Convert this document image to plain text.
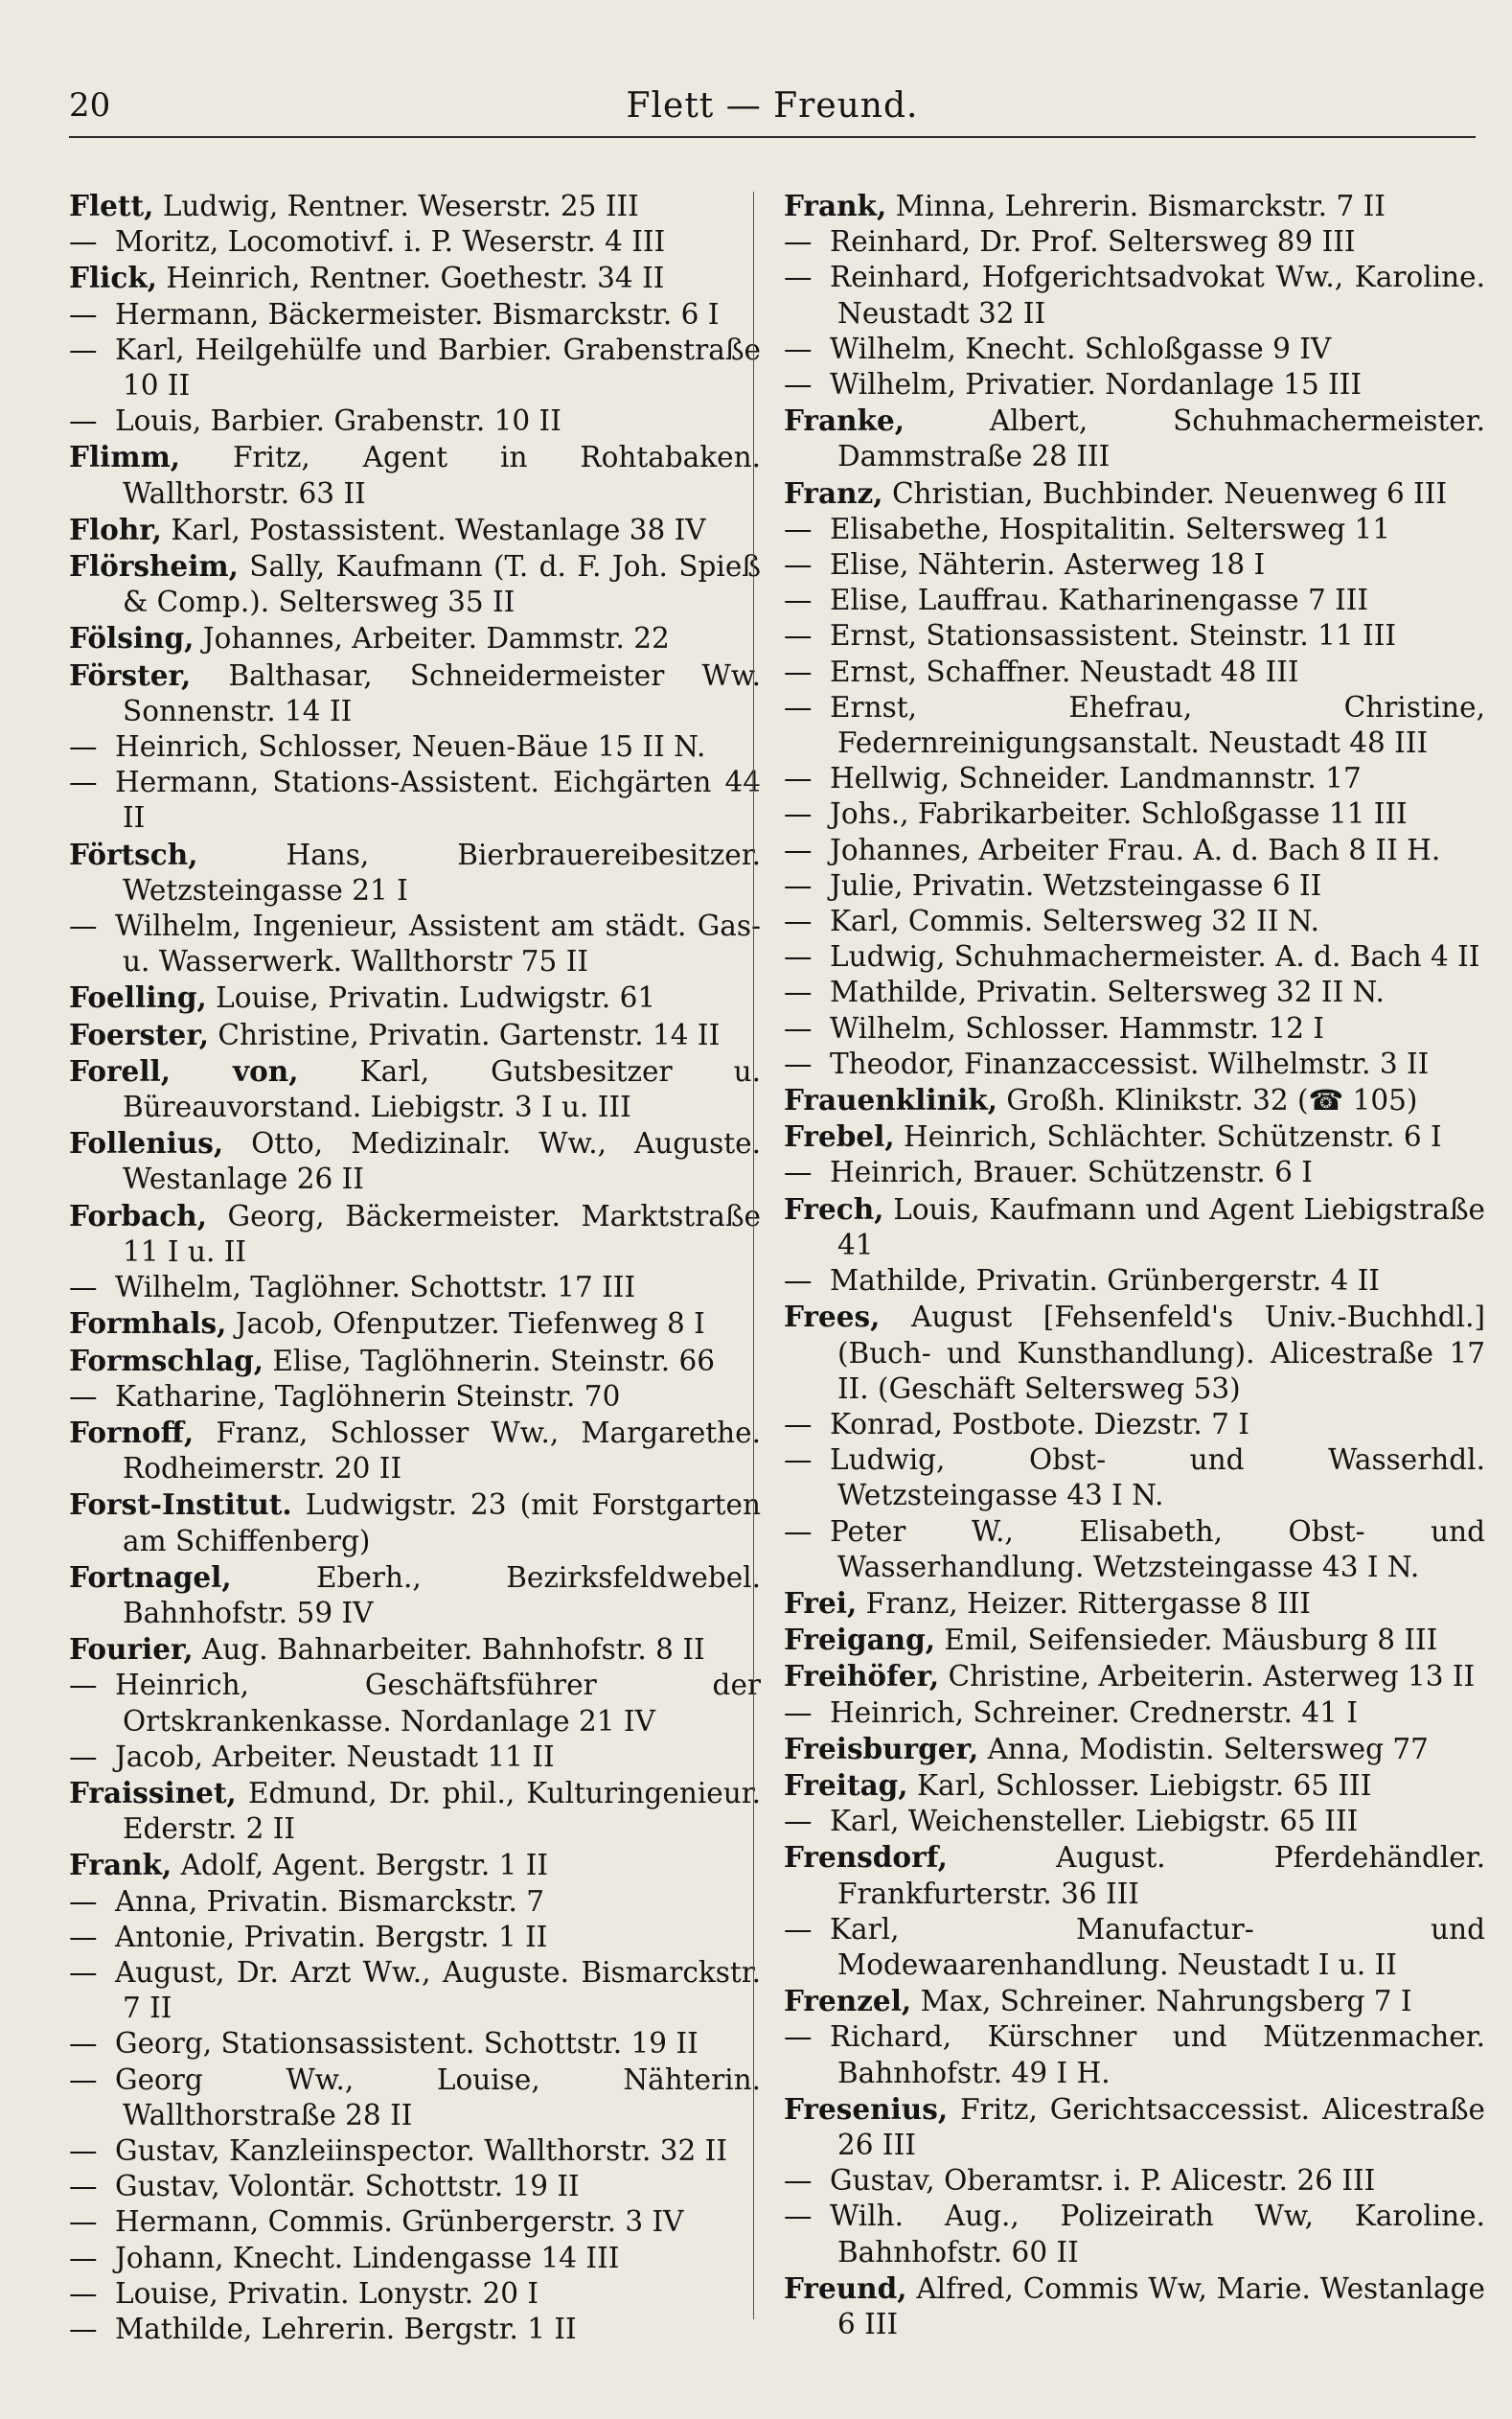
20	Flett — Freund.
Flett, Ludwig, Rentner. Weserstr. 25 III
— Moritz, Locomotivf. i. P. Weserstr. 4 III
Flick, Heinrich, Rentner. Goethestr. 34 II
— Hermann, Bäckermeister. Bismarckstr. 6 I
— Karl, Heilgehülfe und Barbier. Grabenstraße 10 II
— Louis, Barbier. Grabenstr. 10 II
Flimm, Fritz, Agent in Rohtabaken. Wallthorstr. 63 II
Flohr, Karl, Postassistent. Westanlage 38 IV
Flörsheim, Sally, Kaufmann (T. d. F. Joh. Spieß & Comp.). Seltersweg 35 II
Fölsing, Johannes, Arbeiter. Dammstr. 22
Förster, Balthasar, Schneidermeister Ww. Sonnenstr. 14 II
— Heinrich, Schlosser, Neuen-Bäue 15 II N.
— Hermann, Stations-Assistent. Eichgärten 44 II
Förtsch,	Hans, Bierbrauereibesitzer. Wetzsteingasse 21 I
— Wilhelm, Ingenieur, Assistent am städt. Gas- u. Wasserwerk. Wallthorstr 75 II
Foelling, Louise, Privatin. Ludwigstr. 61
Foerster, Christine, Privatin. Gartenstr. 14 II
Forell, von, Karl, Gutsbesitzer u. Büreauvorstand. Liebigstr. 3 I u. III
Follenius, Otto, Medizinalr. Ww., Auguste. Westanlage 26 II
Forbach, Georg, Bäckermeister. Marktstraße 11 I u. II
— Wilhelm, Taglöhner. Schottstr. 17 III
Formhals, Jacob, Ofenputzer. Tiefenweg 8 I
Formschlag, Elise, Taglöhnerin. Steinstr. 66
— Katharine, Taglöhnerin Steinstr. 70
Fornoff, Franz, Schlosser Ww., Margarethe. Rodheimerstr. 20 II
Forst-Institut. Ludwigstr. 23 (mit Forstgarten am Schiffenberg)
Fortnagel,	Eberh., Bezirksfeldwebel. Bahnhofstr. 59 IV
Fourier, Aug. Bahnarbeiter. Bahnhofstr. 8 II
— Heinrich, Geschäftsführer der Ortskrankenkasse. Nordanlage 21 IV
— Jacob, Arbeiter. Neustadt 11 II
Fraissinet, Edmund, Dr. phil., Kulturingenieur. Ederstr. 2 II
Frank, Adolf, Agent. Bergstr. 1 II
— Anna, Privatin. Bismarckstr. 7
— Antonie, Privatin. Bergstr. 1 II
— August, Dr. Arzt Ww., Auguste. Bismarckstr. 7 II
— Georg, Stationsassistent. Schottstr. 19 II
— Georg Ww., Louise, Nähterin. Wallthorstraße 28 II
— Gustav, Kanzleiinspector. Wallthorstr. 32 II
— Gustav, Volontär. Schottstr. 19 II
— Hermann, Commis. Grünbergerstr. 3 IV
— Johann, Knecht. Lindengasse 14 III
— Louise, Privatin. Lonystr. 20 I
— Mathilde, Lehrerin. Bergstr. 1 II
Frank, Minna, Lehrerin. Bismarckstr. 7 II
— Reinhard, Dr. Prof. Seltersweg 89 III
— Reinhard, Hofgerichtsadvokat Ww., Karoline. Neustadt 32 II
— Wilhelm, Knecht. Schloßgasse 9 IV
— Wilhelm, Privatier. Nordanlage 15 III
Franke,	Albert, Schuhmachermeister. Dammstraße 28 III
Franz, Christian, Buchbinder. Neuenweg 6 III
— Elisabethe, Hospitalitin. Seltersweg 11
— Elise, Nähterin. Asterweg 18 I
— Elise, Lauffrau. Katharinengasse 7 III
— Ernst, Stationsassistent. Steinstr. 11 III
— Ernst, Schaffner. Neustadt 48 III
— Ernst, Ehefrau, Christine, Federnreinigungsanstalt. Neustadt 48 III
— Hellwig, Schneider. Landmannstr. 17
— Johs., Fabrikarbeiter. Schloßgasse 11 III
— Johannes, Arbeiter Frau. A. d. Bach 8 II H.
— Julie, Privatin. Wetzsteingasse 6 II
— Karl, Commis. Seltersweg 32 II N.
— Ludwig, Schuhmachermeister. A. d. Bach 4 II
— Mathilde, Privatin. Seltersweg 32 II N.
— Wilhelm, Schlosser. Hammstr. 12 I
— Theodor, Finanzaccessist. Wilhelmstr. 3 II
Frauenklinik, Großh. Klinikstr. 32 (☎ 105)
Frebel, Heinrich, Schlächter. Schützenstr. 6 I
— Heinrich, Brauer. Schützenstr. 6 I
Frech, Louis, Kaufmann und Agent Liebigstraße 41
— Mathilde, Privatin. Grünbergerstr. 4 II
Frees, August [Fehsenfeld's Univ.-Buchhdl.] (Buch- und Kunsthandlung). Alicestraße 17 II. (Geschäft Seltersweg 53)
— Konrad, Postbote. Diezstr. 7 I
— Ludwig, Obst- und Wasserhdl. Wetzsteingasse 43 I N.
— Peter W., Elisabeth, Obst- und Wasserhandlung. Wetzsteingasse 43 I N.
Frei, Franz, Heizer. Rittergasse 8 III
Freigang, Emil, Seifensieder. Mäusburg 8 III
Freihöfer, Christine, Arbeiterin. Asterweg 13 II
— Heinrich, Schreiner. Crednerstr. 41 I
Freisburger, Anna, Modistin. Seltersweg 77
Freitag, Karl, Schlosser. Liebigstr. 65 III
— Karl, Weichensteller. Liebigstr. 65 III
Frensdorf,	August. Pferdehändler. Frankfurterstr. 36 III
— Karl, Manufactur- und Modewaarenhandlung. Neustadt I u. II
Frenzel, Max, Schreiner. Nahrungsberg 7 I
— Richard, Kürschner und Mützenmacher. Bahnhofstr. 49 I H.
Fresenius, Fritz, Gerichtsaccessist. Alicestraße 26 III
— Gustav, Oberamtsr. i. P. Alicestr. 26 III
— Wilh. Aug., Polizeirath Ww, Karoline. Bahnhofstr. 60 II
Freund, Alfred, Commis Ww, Marie. Westanlage 6 III
